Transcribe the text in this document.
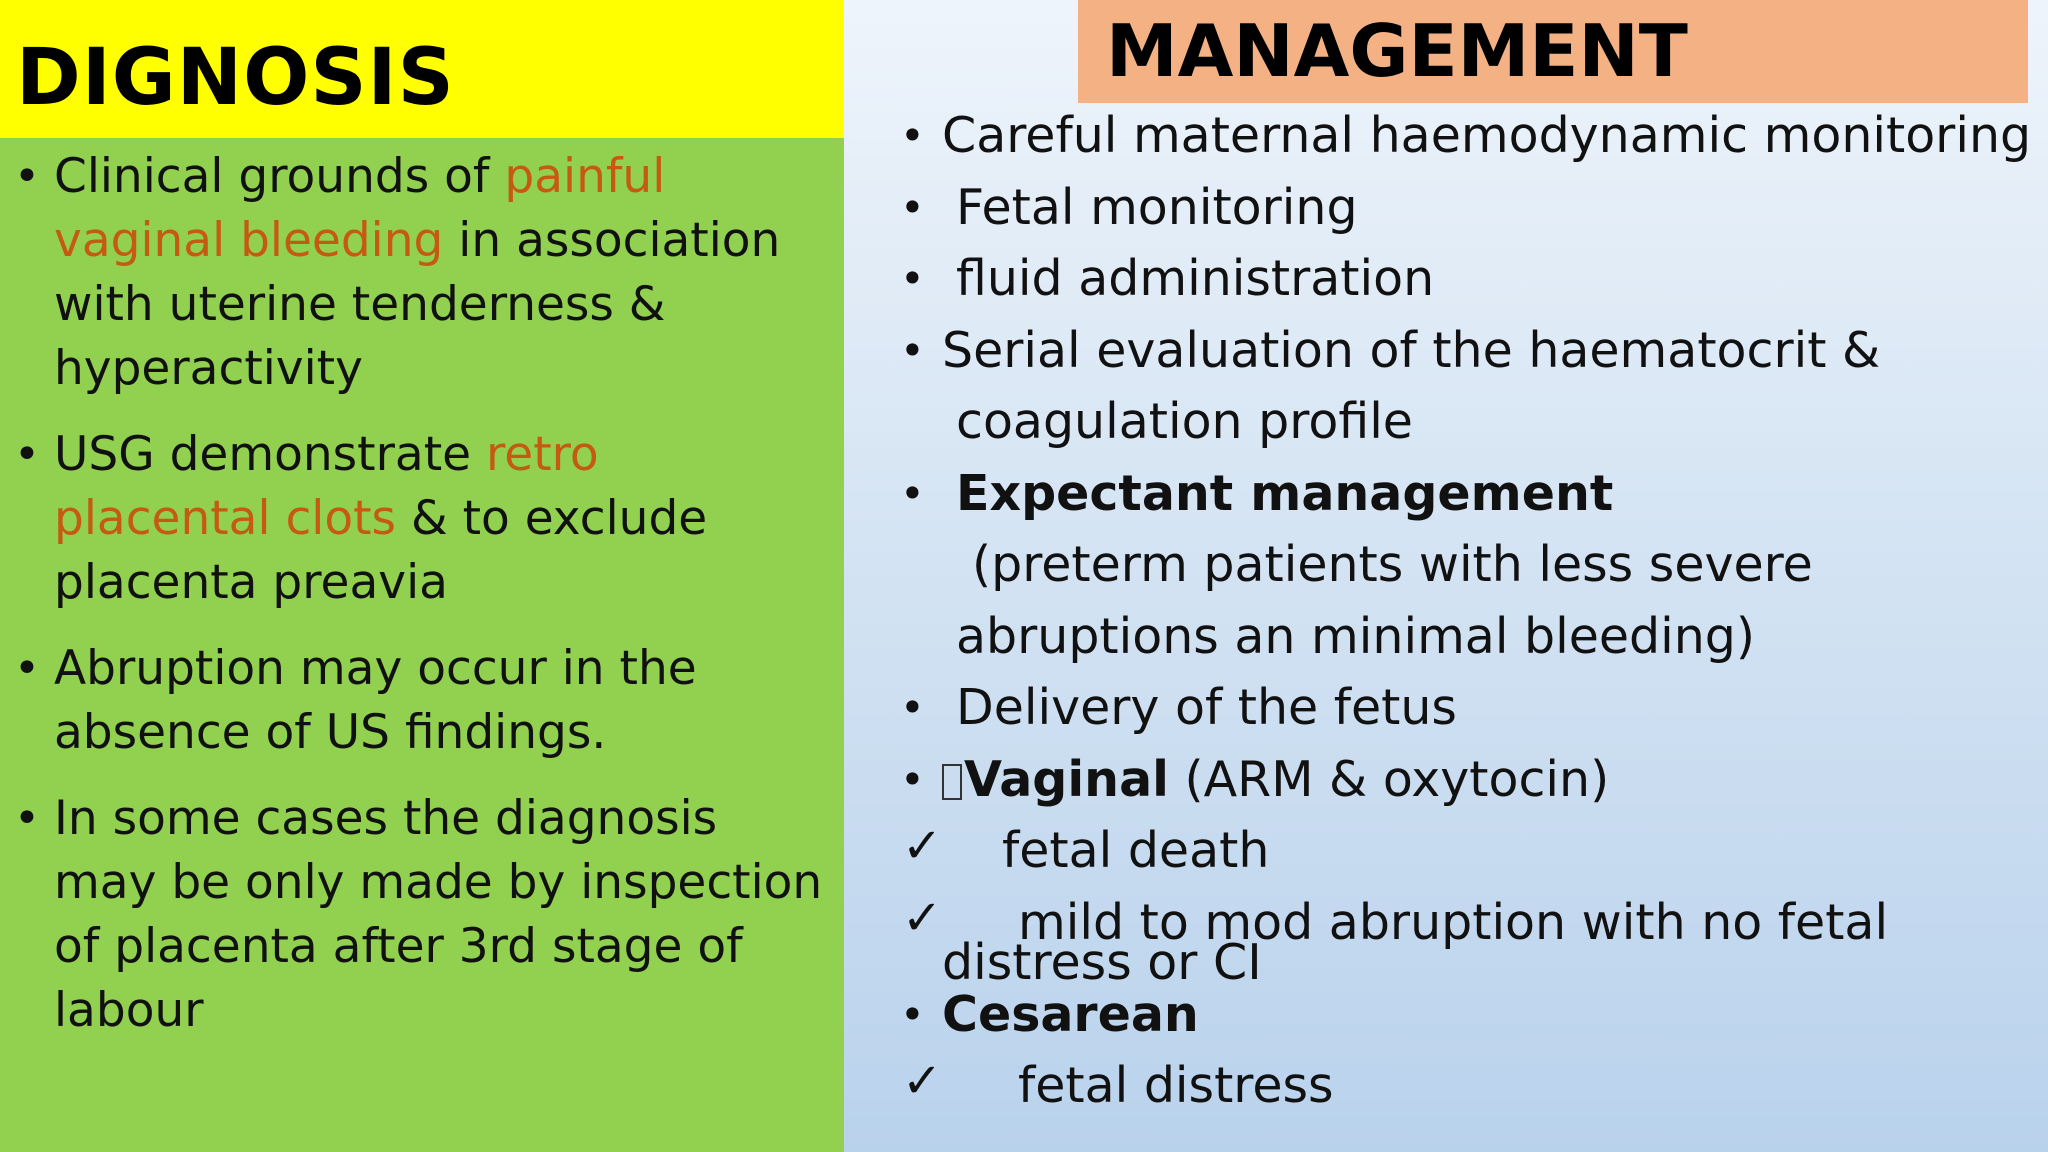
DIGNOSIS
• Clinical grounds of painful vaginal bleeding in association with uterine tenderness & hyperactivity
• USG demonstrate retro placental clots & to exclude placenta preavia
• Abruption may occur in the absence of US findings.
• In some cases the diagnosis may be only made by inspection of placenta after 3rd stage of labour
MANAGEMENT
• Careful maternal haemodynamic monitoring
• Fetal monitoring
• fluid administration
• Serial evaluation of the haematocrit &
coagulation profile
• Expectant management
(preterm patients with less severe
abruptions an minimal bleeding)
• Delivery of the fetus
• Vaginal (ARM & oxytocin)
✓ fetal death
✓ mild to mod abruption with no fetal
distress or CI
• Cesarean
✓ fetal distress
